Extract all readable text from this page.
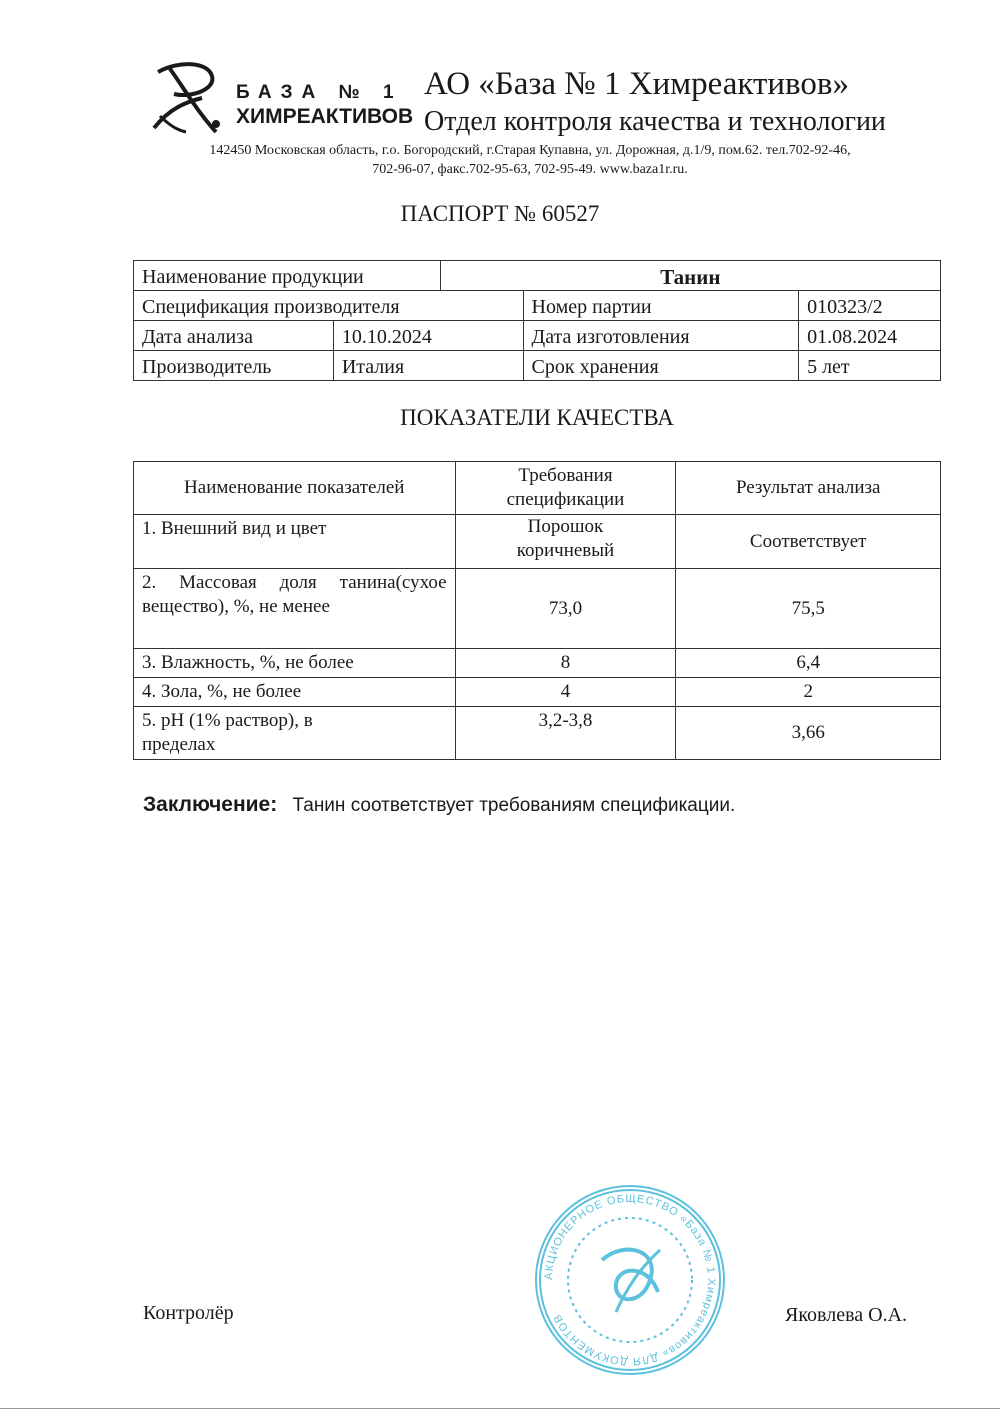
БАЗА № 1
ХИМРЕАКТИВОВ
АО «База № 1 Химреактивов»
Отдел контроля качества и технологии
142450 Московская область, г.о. Богородский, г.Старая Купавна, ул. Дорожная, д.1/9, пом.62. тел.702-92-46,
702-96-07, факс.702-95-63, 702-95-49. www.baza1r.ru.
ПАСПОРТ № 60527
Наименование продукции		Танин		
Спецификация производителя			Номер партии	010323/2
Дата анализа	10.10.2024		Дата изготовления	01.08.2024
Производитель	Италия		Срок хранения	5 лет
ПОКАЗАТЕЛИ КАЧЕСТВА
Наименование показателей	Требования спецификации	Результат анализа
1. Внешний вид и цвет	Порошок коричневый	Соответствует
2. Массовая доля танина(сухое вещество), %, не менее	73,0	75,5
3. Влажность, %, не более	8	6,4
4. Зола, %, не более	4	2
5. pH (1% раствор), в пределах	3,2-3,8	3,66
Заключение: Танин соответствует требованиям спецификации.
АКЦИОНЕРНОЕ ОБЩЕСТВО «База № 1 Химреактивов» ДЛЯ ДОКУМЕНТОВ
Контролёр	Яковлева О.А.
